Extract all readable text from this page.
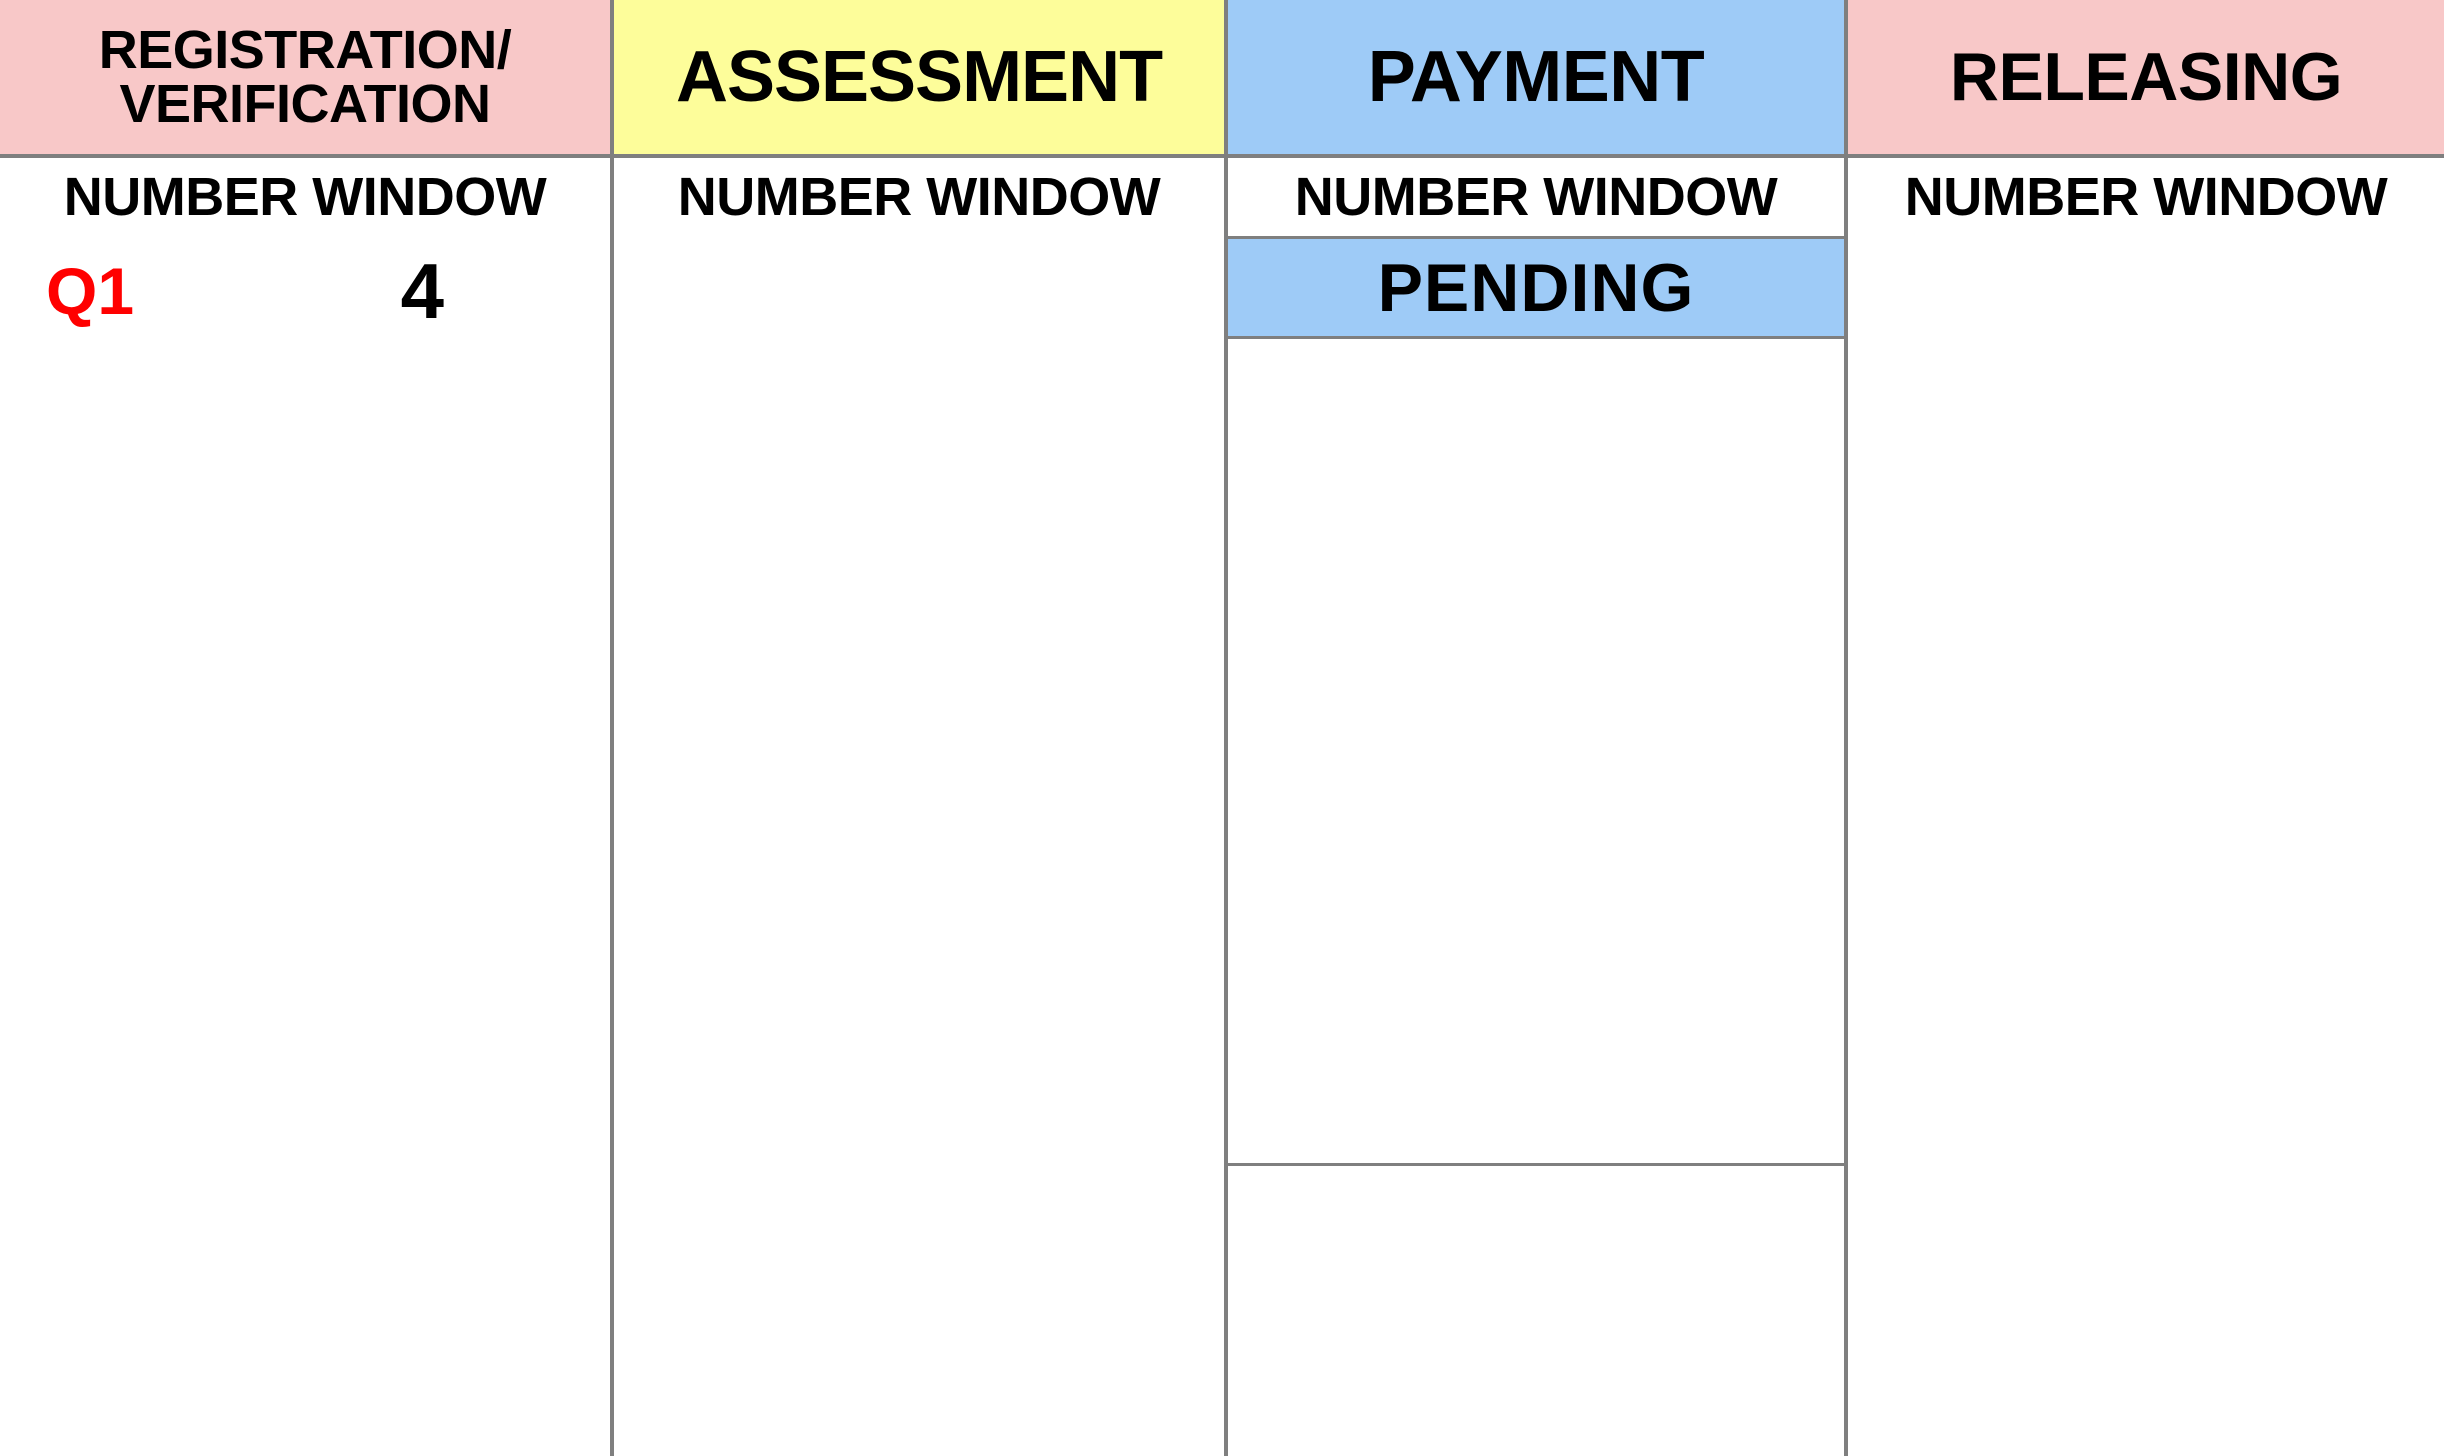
REGISTRATION/
VERIFICATION
NUMBER WINDOW
Q1	4
ASSESSMENT
NUMBER WINDOW
PAYMENT
NUMBER WINDOW
PENDING
RELEASING
NUMBER WINDOW
